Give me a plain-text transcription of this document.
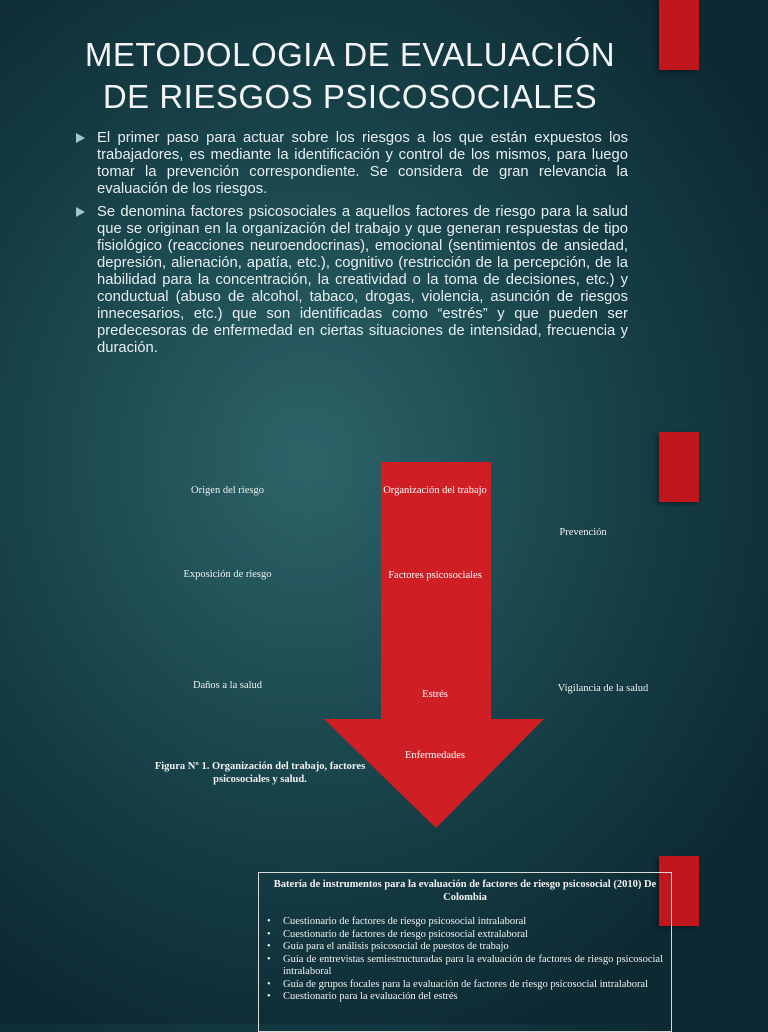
METODOLOGIA DE EVALUACIÓN DE RIESGOS PSICOSOCIALES
El primer paso para actuar sobre los riesgos a los que están expuestos los trabajadores, es mediante la identificación y control de los mismos, para luego tomar la prevención correspondiente. Se considera de gran relevancia la evaluación de los riesgos.
Se denomina factores psicosociales a aquellos factores de riesgo para la salud que se originan en la organización del trabajo y que generan respuestas de tipo fisiológico (reacciones neuroendocrinas), emocional (sentimientos de ansiedad, depresión, alienación, apatía, etc.), cognitivo (restricción de la percepción, de la habilidad para la concentración, la creatividad o la toma de decisiones, etc.) y conductual (abuso de alcohol, tabaco, drogas, violencia, asunción de riesgos innecesarios, etc.) que son identificadas como “estrés” y que pueden ser predecesoras de enfermedad en ciertas situaciones de intensidad, frecuencia y duración.
Origen del riesgo
Exposición de riesgo
Daños a la salud
Organización del trabajo
Factores psicosociales
Estrés
Enfermedades
Prevención
Vigilancia de la salud
Figura Nº 1. Organización del trabajo, factores psicosociales y salud.
Batería de instrumentos para la evaluación de factores de riesgo psicosocial (2010) De Colombia
• Cuestionario de factores de riesgo psicosocial intralaboral
• Cuestionario de factores de riesgo psicosocial extralaboral
• Guía para el análisis psicosocial de puestos de trabajo
• Guía de entrevistas semiestructuradas para la evaluación de factores de riesgo psicosocial intralaboral
• Guía de grupos focales para la evaluación de factores de riesgo psicosocial intralaboral
• Cuestionario para la evaluación del estrés
